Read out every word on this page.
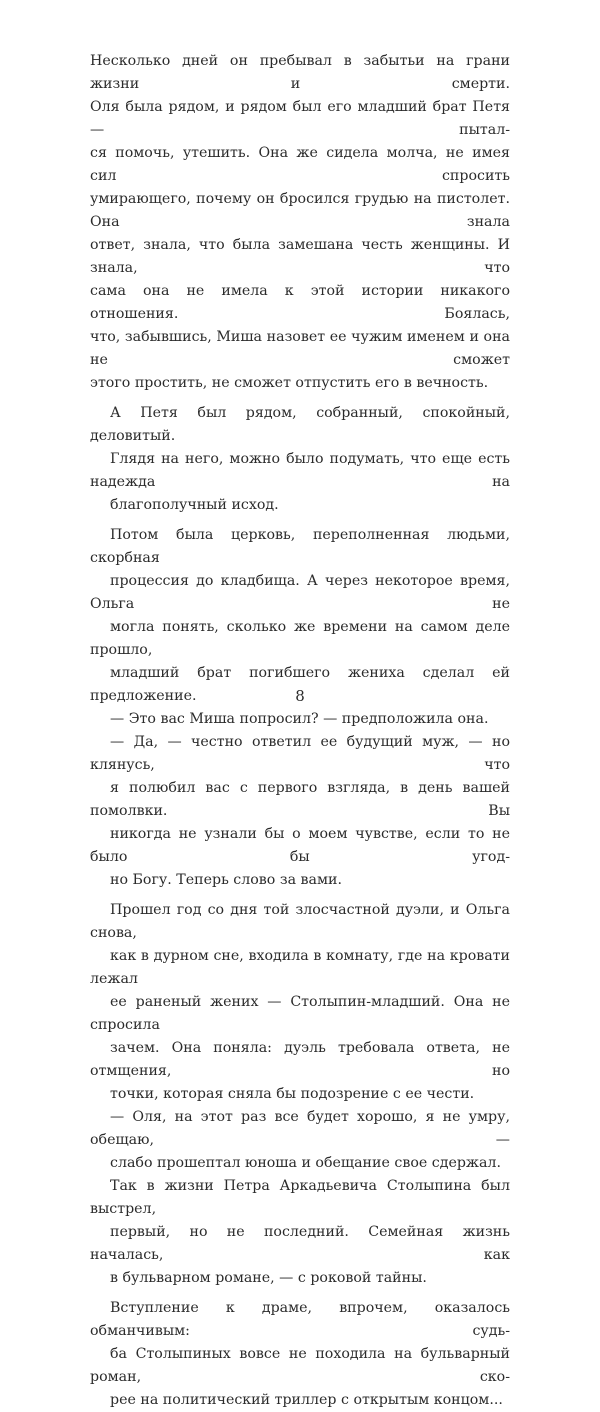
Несколько дней он пребывал в забытьи на грани жизни и смерти.
Оля была рядом, и рядом был его младший брат Петя — пытал-
ся помочь, утешить. Она же сидела молча, не имея сил спросить
умирающего, почему он бросился грудью на пистолет. Она знала
ответ, знала, что была замешана честь женщины. И знала, что
сама она не имела к этой истории никакого отношения. Боялась,
что, забывшись, Миша назовет ее чужим именем и она не сможет
этого простить, не сможет отпустить его в вечность.

А Петя был рядом, собранный, спокойный, деловитый.
Глядя на него, можно было подумать, что еще есть надежда на
благополучный исход.

Потом была церковь, переполненная людьми, скорбная
процессия до кладбища. А через некоторое время, Ольга не
могла понять, сколько же времени на самом деле прошло,
младший брат погибшего жениха сделал ей предложение.

— Это вас Миша попросил? — предположила она.

— Да, — честно ответил ее будущий муж, — но клянусь, что
я полюбил вас с первого взгляда, в день вашей помолвки. Вы
никогда не узнали бы о моем чувстве, если то не было бы угод-
но Богу. Теперь слово за вами.

Прошел год со дня той злосчастной дуэли, и Ольга снова,
как в дурном сне, входила в комнату, где на кровати лежал
ее раненый жених — Столыпин-младший. Она не спросила
зачем. Она поняла: дуэль требовала ответа, не отмщения, но
точки, которая сняла бы подозрение с ее чести.

— Оля, на этот раз все будет хорошо, я не умру, обещаю, —
слабо прошептал юноша и обещание свое сдержал.

Так в жизни Петра Аркадьевича Столыпина был выстрел,
первый, но не последний. Семейная жизнь началась, как
в бульварном романе, — с роковой тайны.

Вступление к драме, впрочем, оказалось обманчивым: судь-
ба Столыпиных вовсе не походила на бульварный роман, ско-
рее на политический триллер с открытым концом...

8
